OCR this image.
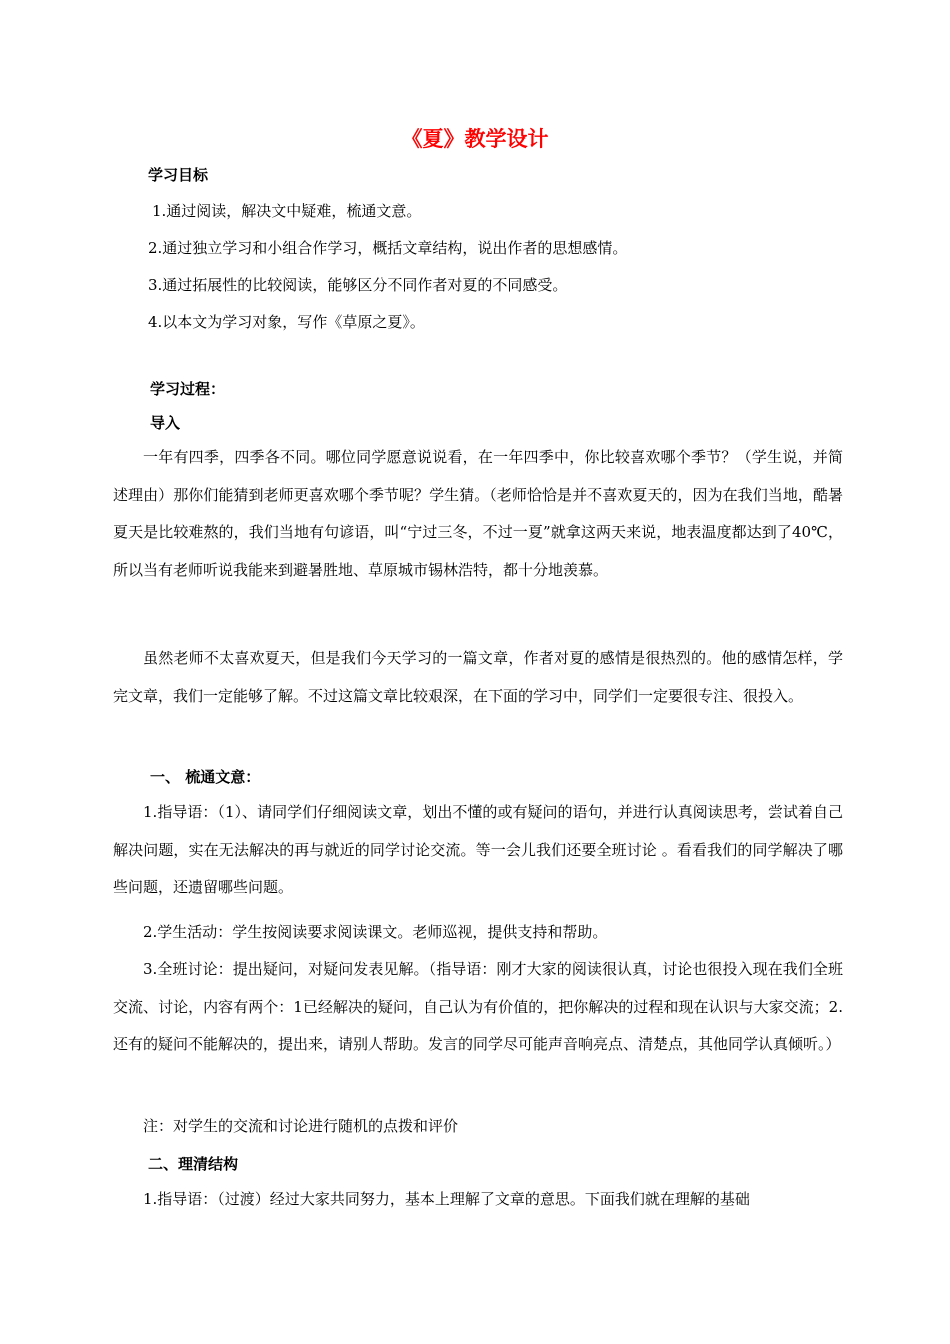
《夏》教学设计
学习目标

1.通过阅读，解决文中疑难，梳通文意。

2.通过独立学习和小组合作学习，概括文章结构，说出作者的思想感情。

3.通过拓展性的比较阅读，能够区分不同作者对夏的不同感受。

4.以本文为学习对象，写作《草原之夏》。

学习过程：
导入

一年有四季，四季各不同。哪位同学愿意说说看，在一年四季中，你比较喜欢哪个季节？（学生说，并简述理由）那你们能猜到老师更喜欢哪个季节呢？学生猜。（老师恰恰是并不喜欢夏天的，因为在我们当地，酷暑夏天是比较难熬的，我们当地有句谚语，叫“宁过三冬，不过一夏”就拿这两天来说，地表温度都达到了40℃，所以当有老师听说我能来到避暑胜地、草原城市锡林浩特，都十分地羡慕。

虽然老师不太喜欢夏天，但是我们今天学习的一篇文章，作者对夏的感情是很热烈的。他的感情怎样，学完文章，我们一定能够了解。不过这篇文章比较艰深，在下面的学习中，同学们一定要很专注、很投入。

一、 梳通文意：

1.指导语：（1）、请同学们仔细阅读文章，划出不懂的或有疑问的语句，并进行认真阅读思考，尝试着自己解决问题，实在无法解决的再与就近的同学讨论交流。等一会儿我们还要全班讨论 。看看我们的同学解决了哪些问题，还遗留哪些问题。

2.学生活动：学生按阅读要求阅读课文。老师巡视，提供支持和帮助。

3.全班讨论：提出疑问，对疑问发表见解。（指导语：刚才大家的阅读很认真，讨论也很投入现在我们全班交流、讨论，内容有两个：1已经解决的疑问，自己认为有价值的，把你解决的过程和现在认识与大家交流；2.还有的疑问不能解决的，提出来，请别人帮助。发言的同学尽可能声音响亮点、清楚点，其他同学认真倾听。）

注：对学生的交流和讨论进行随机的点拨和评价

二、理清结构

1.指导语：（过渡）经过大家共同努力，基本上理解了文章的意思。下面我们就在理解的基础
